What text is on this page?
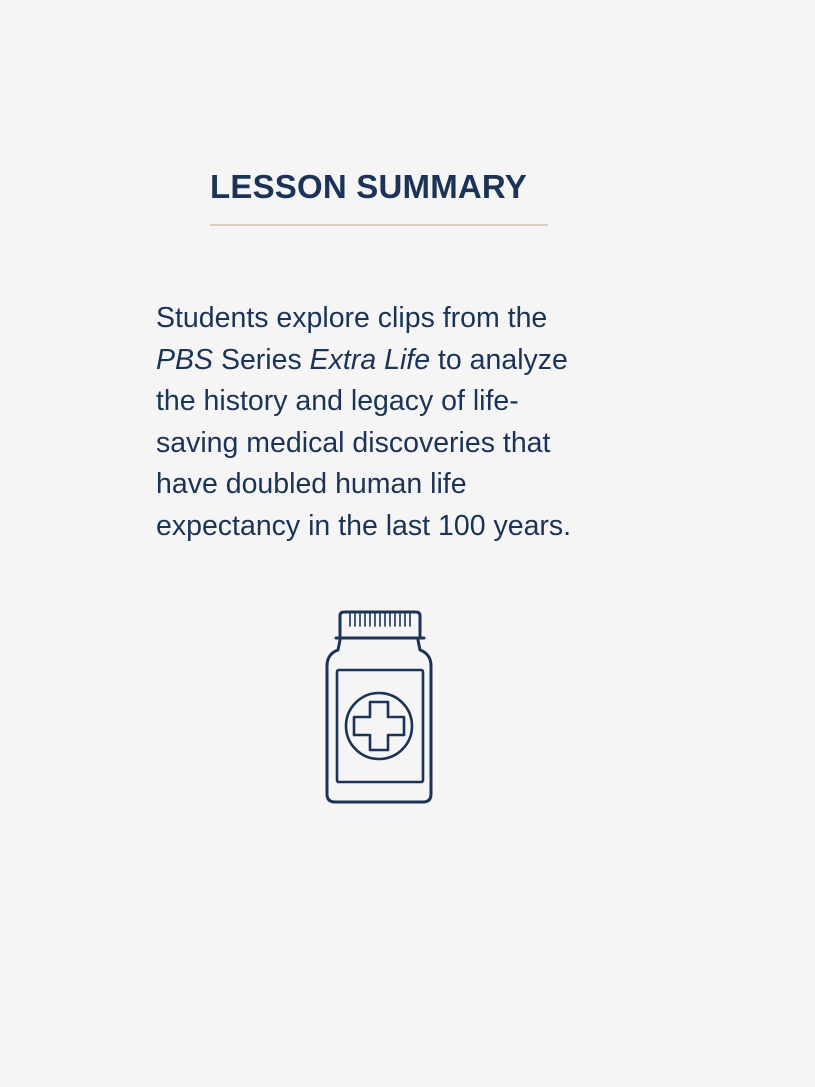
LESSON SUMMARY

Students explore clips from the
PBS Series Extra Life to analyze
the history and legacy of life-
saving medical discoveries that
have doubled human life
expectancy in the last 100 years.
